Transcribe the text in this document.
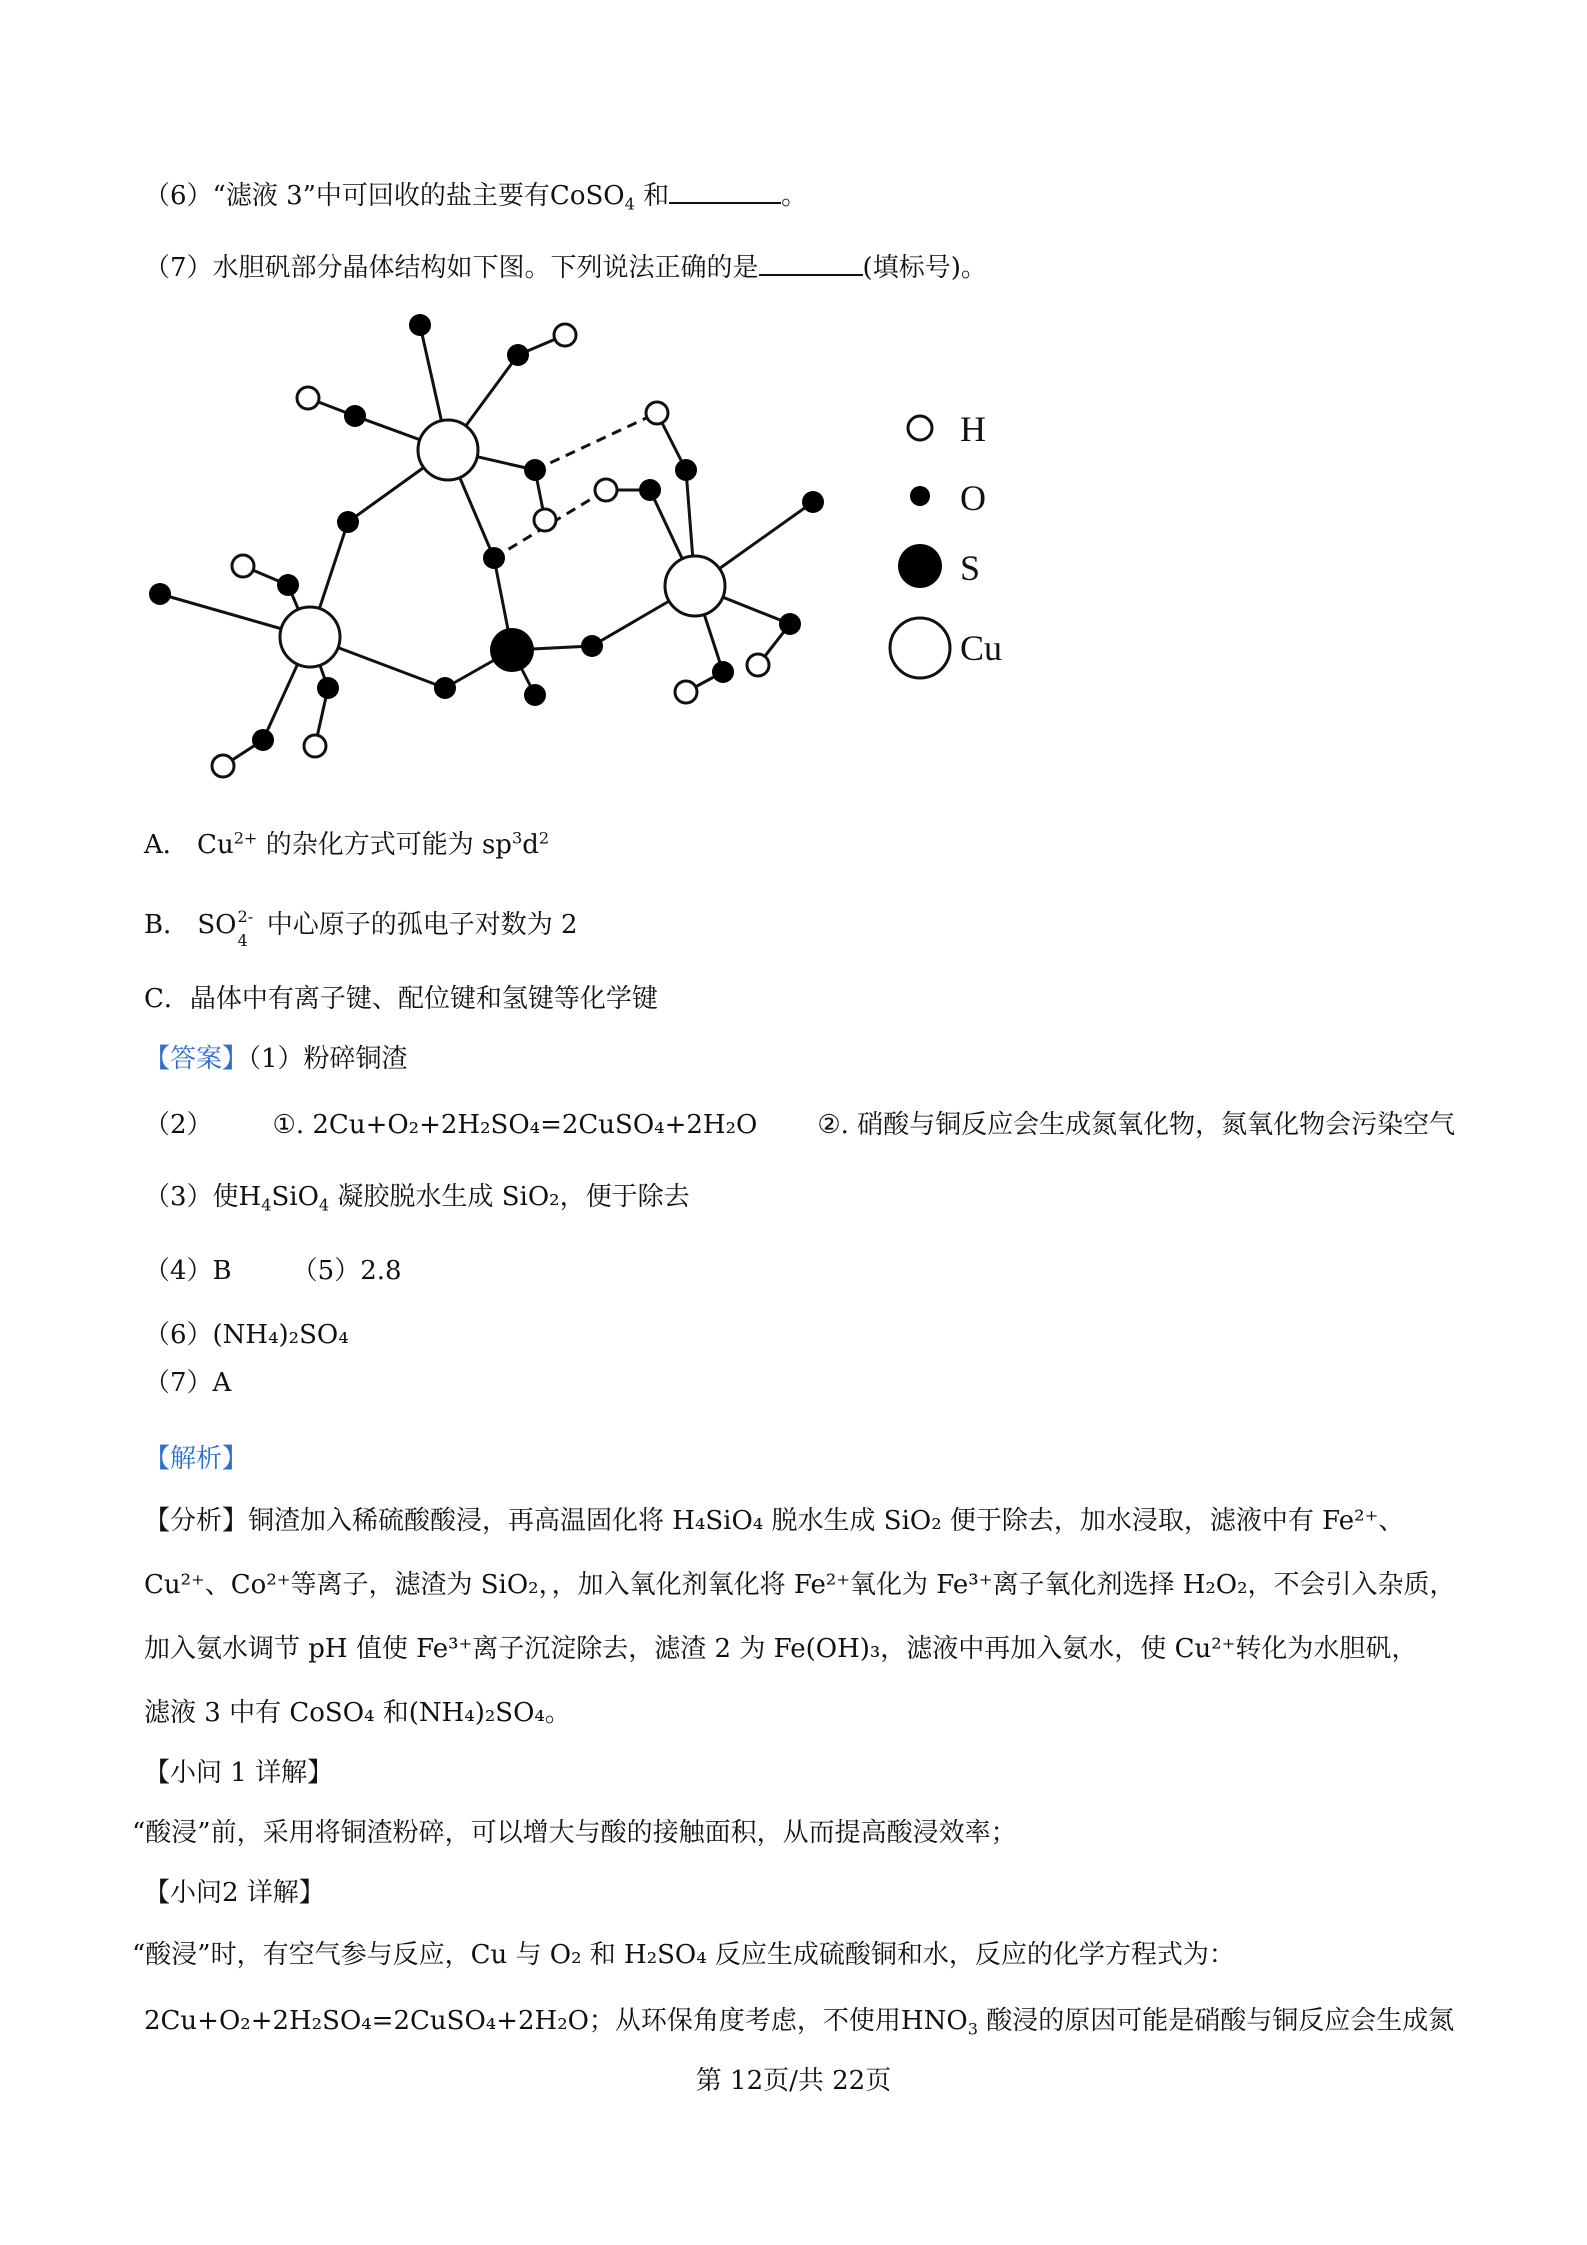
（6）“滤液 3”中可回收的盐主要有CoSO$_4$ 和	。
（7）水胆矾部分晶体结构如下图。下列说法正确的是	(填标号)。
H
O
S
Cu
A． $Cu^{2+}$ 的杂化方式可能为 $sp^3d^2$
B． SO 2-
4
中心原子的孤电子对数为 2
C．晶体中有离子键、配位键和氢键等化学键
【答案】（1）粉碎铜渣
（2） ①. 2Cu+O₂+2H₂SO₄=2CuSO₄+2H₂O ②. 硝酸与铜反应会生成氮氧化物，氮氧化物会污染空气
（3）使$H_4SiO_4$ 凝胶脱水生成 SiO₂，便于除去
（4）B （5）2.8
（6）(NH₄)₂SO₄
（7）A
【解析】
【分析】铜渣加入稀硫酸酸浸，再高温固化将 H₄SiO₄ 脱水生成 SiO₂ 便于除去，加水浸取，滤液中有 Fe²⁺、
Cu²⁺、Co²⁺等离子，滤渣为 SiO₂，，加入氧化剂氧化将 Fe²⁺氧化为 Fe³⁺离子氧化剂选择 H₂O₂，不会引入杂质，
加入氨水调节 pH 值使 Fe³⁺离子沉淀除去，滤渣 2 为 Fe(OH)₃，滤液中再加入氨水，使 Cu²⁺转化为水胆矾，
滤液 3 中有 CoSO₄ 和(NH₄)₂SO₄。
【小问 1 详解】
“酸浸”前，采用将铜渣粉碎，可以增大与酸的接触面积，从而提高酸浸效率；
【小问2 详解】
“酸浸”时，有空气参与反应，Cu 与 O₂ 和 H₂SO₄ 反应生成硫酸铜和水，反应的化学方程式为：
2Cu+O₂+2H₂SO₄=2CuSO₄+2H₂O；从环保角度考虑，不使用$HNO_3$ 酸浸的原因可能是硝酸与铜反应会生成氮
第 12页/共 22页
